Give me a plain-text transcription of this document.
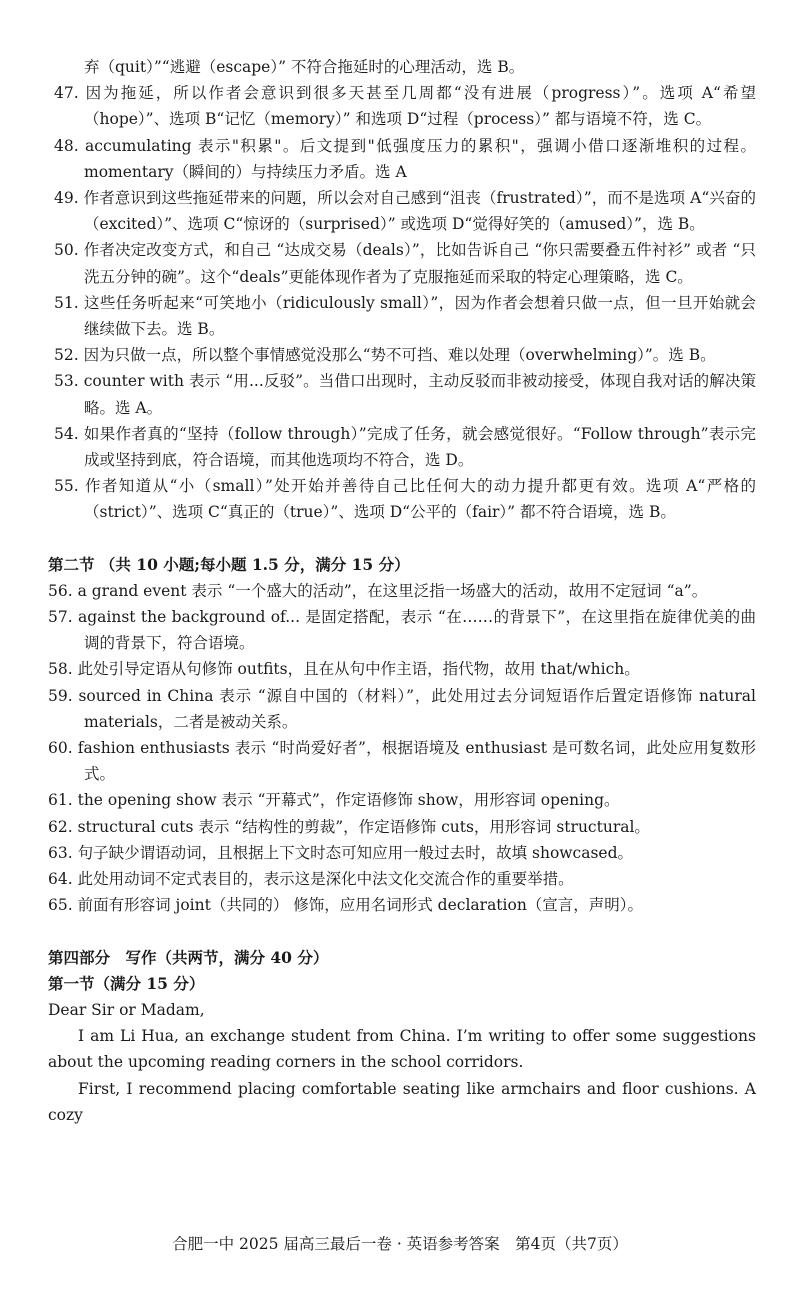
弃（quit）”“逃避（escape）” 不符合拖延时的心理活动，选 B。
47. 因为拖延，所以作者会意识到很多天甚至几周都“没有进展（progress）”。选项 A“希望（hope）”、选项 B“记忆（memory）” 和选项 D“过程（process）” 都与语境不符，选 C。
48. accumulating 表示"积累"。后文提到"低强度压力的累积"，强调小借口逐渐堆积的过程。momentary（瞬间的）与持续压力矛盾。选 A
49. 作者意识到这些拖延带来的问题，所以会对自己感到“沮丧（frustrated）”，而不是选项 A“兴奋的（excited）”、选项 C“惊讶的（surprised）” 或选项 D“觉得好笑的（amused）”，选 B。
50. 作者决定改变方式，和自己 “达成交易（deals）”，比如告诉自己 “你只需要叠五件衬衫” 或者 “只洗五分钟的碗”。这个“deals”更能体现作者为了克服拖延而采取的特定心理策略，选 C。
51. 这些任务听起来“可笑地小（ridiculously small）”，因为作者会想着只做一点，但一旦开始就会继续做下去。选 B。
52. 因为只做一点，所以整个事情感觉没那么“势不可挡、难以处理（overwhelming）”。选 B。
53. counter with 表示 “用...反驳”。当借口出现时，主动反驳而非被动接受，体现自我对话的解决策略。选 A。
54. 如果作者真的“坚持（follow through）”完成了任务，就会感觉很好。“Follow through”表示完成或坚持到底，符合语境，而其他选项均不符合，选 D。
55. 作者知道从“小（small）”处开始并善待自己比任何大的动力提升都更有效。选项 A“严格的（strict）”、选项 C“真正的（true）”、选项 D“公平的（fair）” 都不符合语境，选 B。
第二节 （共 10 小题;每小题 1.5 分，满分 15 分）
56. a grand event 表示 “一个盛大的活动”，在这里泛指一场盛大的活动，故用不定冠词 “a”。
57. against the background of... 是固定搭配，表示 “在……的背景下”，在这里指在旋律优美的曲调的背景下，符合语境。
58. 此处引导定语从句修饰 outfits，且在从句中作主语，指代物，故用 that/which。
59. sourced in China 表示 “源自中国的（材料）”，此处用过去分词短语作后置定语修饰 natural materials，二者是被动关系。
60. fashion enthusiasts 表示 “时尚爱好者”，根据语境及 enthusiast 是可数名词，此处应用复数形式。
61. the opening show 表示 “开幕式”，作定语修饰 show，用形容词 opening。
62. structural cuts 表示 “结构性的剪裁”，作定语修饰 cuts，用形容词 structural。
63. 句子缺少谓语动词，且根据上下文时态可知应用一般过去时，故填 showcased。
64. 此处用动词不定式表目的，表示这是深化中法文化交流合作的重要举措。
65. 前面有形容词 joint（共同的） 修饰，应用名词形式 declaration（宣言，声明）。
第四部分　写作（共两节，满分 40 分）
第一节（满分 15 分）
Dear Sir or Madam,
I am Li Hua, an exchange student from China. I’m writing to offer some suggestions about the upcoming reading corners in the school corridors.
First, I recommend placing comfortable seating like armchairs and floor cushions. A cozy
合肥一中 2025 届高三最后一卷 · 英语参考答案　第4页（共7页）
